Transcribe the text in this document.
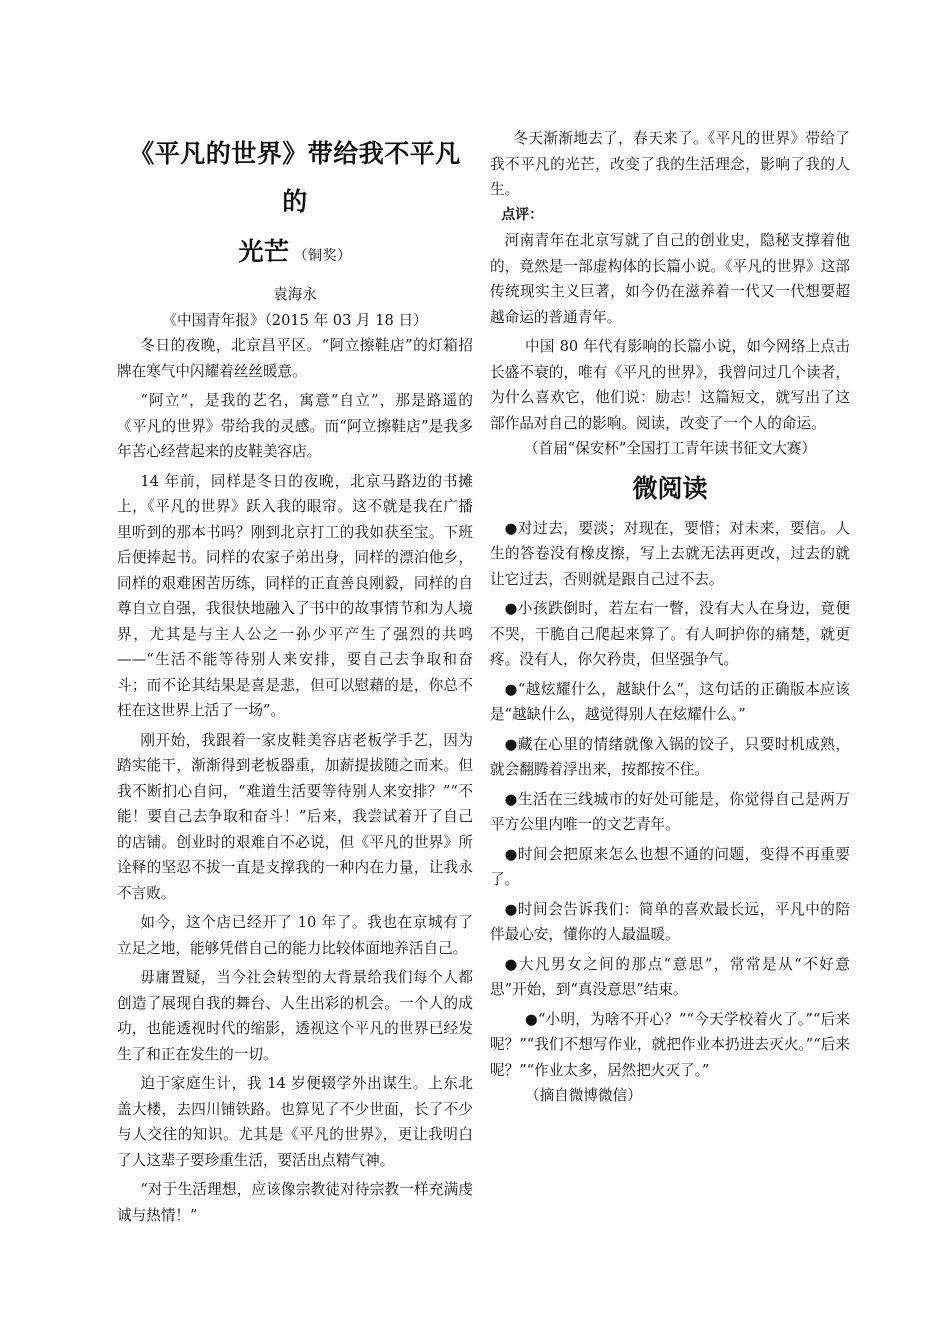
《平凡的世界》带给我不平凡的

光芒 （铜奖）

袁海永

《中国青年报》（2015 年 03 月 18 日）

冬日的夜晚，北京昌平区。“阿立擦鞋店”的灯箱招牌在寒气中闪耀着丝丝暖意。

“阿立”，是我的艺名，寓意“自立”，那是路遥的《平凡的世界》带给我的灵感。而“阿立擦鞋店”是我多年苦心经营起来的皮鞋美容店。

14 年前，同样是冬日的夜晚，北京马路边的书摊上，《平凡的世界》跃入我的眼帘。这不就是我在广播里听到的那本书吗？刚到北京打工的我如获至宝。下班后便捧起书。同样的农家子弟出身，同样的漂泊他乡，同样的艰难困苦历练，同样的正直善良刚毅，同样的自尊自立自强，我很快地融入了书中的故事情节和为人境界，尤其是与主人公之一孙少平产生了强烈的共鸣——“生活不能等待别人来安排，要自己去争取和奋斗；而不论其结果是喜是悲，但可以慰藉的是，你总不枉在这世界上活了一场”。

刚开始，我跟着一家皮鞋美容店老板学手艺，因为踏实能干，渐渐得到老板器重，加薪提拔随之而来。但我不断扪心自问，“难道生活要等待别人来安排？”“不能！要自己去争取和奋斗！”后来，我尝试着开了自己的店铺。创业时的艰难自不必说，但《平凡的世界》所诠释的坚忍不拔一直是支撑我的一种内在力量，让我永不言败。

如今，这个店已经开了 10 年了。我也在京城有了立足之地，能够凭借自己的能力比较体面地养活自己。

毋庸置疑，当今社会转型的大背景给我们每个人都创造了展现自我的舞台、人生出彩的机会。一个人的成功，也能透视时代的缩影，透视这个平凡的世界已经发生了和正在发生的一切。

迫于家庭生计，我 14 岁便辍学外出谋生。上东北盖大楼，去四川铺铁路。也算见了不少世面，长了不少与人交往的知识。尤其是《平凡的世界》，更让我明白了人这辈子要珍重生活，要活出点精气神。

“对于生活理想，应该像宗教徒对待宗教一样充满虔诚与热情！”

冬天渐渐地去了，春天来了。《平凡的世界》带给了我不平凡的光芒，改变了我的生活理念，影响了我的人生。

点评：

河南青年在北京写就了自己的创业史，隐秘支撑着他的，竟然是一部虚构体的长篇小说。《平凡的世界》这部传统现实主义巨著，如今仍在滋养着一代又一代想要超越命运的普通青年。

中国 80 年代有影响的长篇小说，如今网络上点击长盛不衰的，唯有《平凡的世界》，我曾问过几个读者，为什么喜欢它，他们说：励志！这篇短文，就写出了这部作品对自己的影响。阅读，改变了一个人的命运。

（首届“保安杯”全国打工青年读书征文大赛）

微阅读

●对过去，要淡；对现在，要惜；对未来，要信。人生的答卷没有橡皮擦，写上去就无法再更改，过去的就让它过去，否则就是跟自己过不去。

●小孩跌倒时，若左右一瞥，没有大人在身边，竟便不哭，干脆自己爬起来算了。有人呵护你的痛楚，就更疼。没有人，你欠矜贵，但坚强争气。

●“越炫耀什么，越缺什么”，这句话的正确版本应该是“越缺什么，越觉得别人在炫耀什么。”

●藏在心里的情绪就像入锅的饺子，只要时机成熟，就会翻腾着浮出来，按都按不住。

●生活在三线城市的好处可能是，你觉得自己是两万平方公里内唯一的文艺青年。

●时间会把原来怎么也想不通的问题，变得不再重要了。

●时间会告诉我们：简单的喜欢最长远，平凡中的陪伴最心安，懂你的人最温暖。

●大凡男女之间的那点“意思”，常常是从“不好意思”开始，到“真没意思”结束。

●“小明，为啥不开心？”“今天学校着火了。”“后来呢？”“我们不想写作业，就把作业本扔进去灭火。”“后来呢？”“作业太多，居然把火灭了。”

（摘自微博微信）
